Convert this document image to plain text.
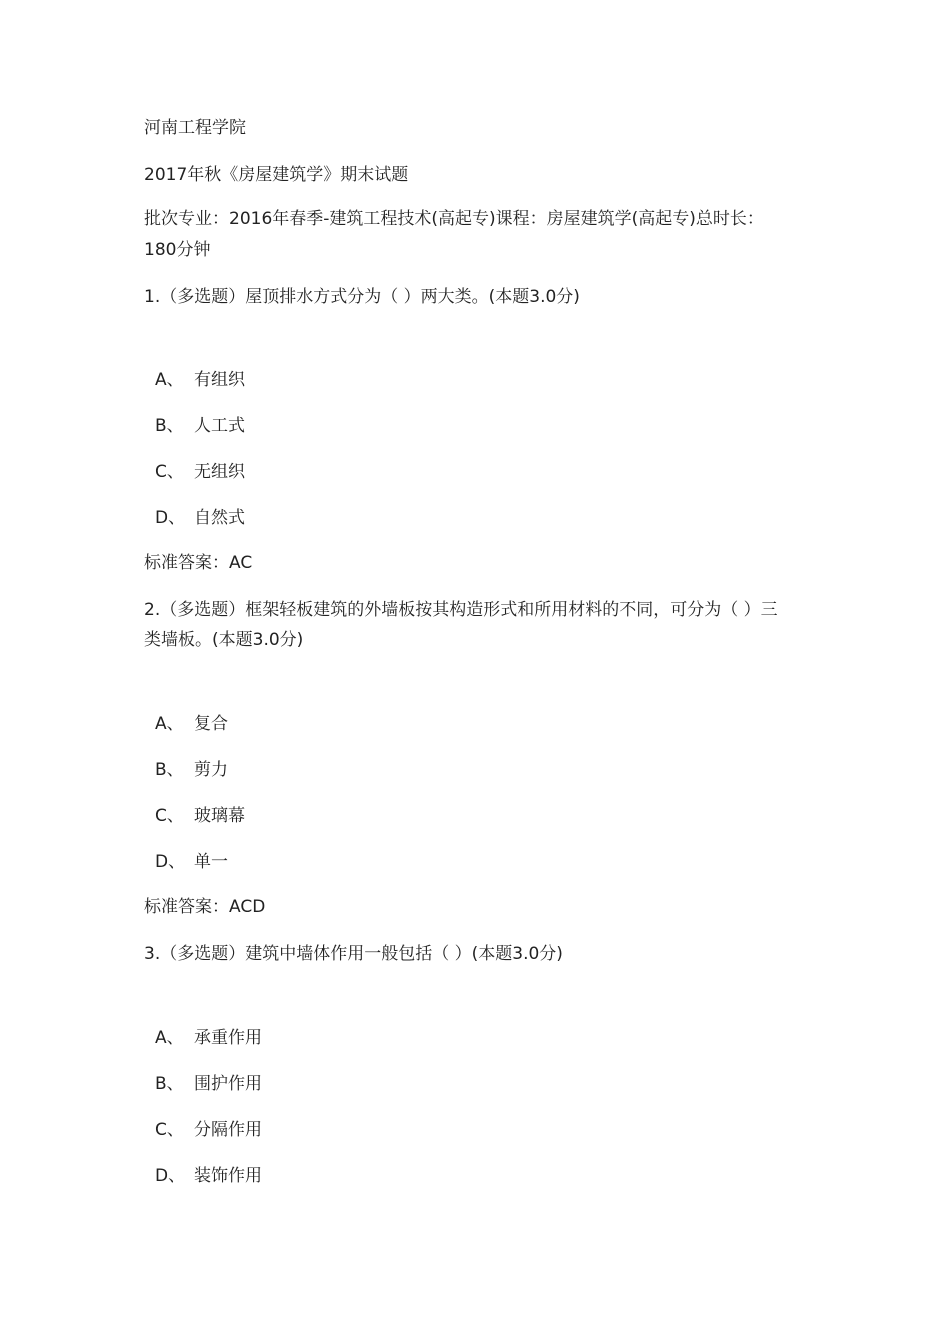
河南工程学院
2017年秋《房屋建筑学》期末试题
批次专业：2016年春季-建筑工程技术(高起专)课程：房屋建筑学(高起专)总时长：
180分钟
1.（多选题）屋顶排水方式分为（ ）两大类。(本题3.0分)
A、 有组织
B、 人工式
C、 无组织
D、 自然式
标准答案：AC
2.（多选题）框架轻板建筑的外墙板按其构造形式和所用材料的不同，可分为（ ）三
类墙板。(本题3.0分)
A、 复合
B、 剪力
C、 玻璃幕
D、 单一
标准答案：ACD
3.（多选题）建筑中墙体作用一般包括（ ）(本题3.0分)
A、 承重作用
B、 围护作用
C、 分隔作用
D、 装饰作用
